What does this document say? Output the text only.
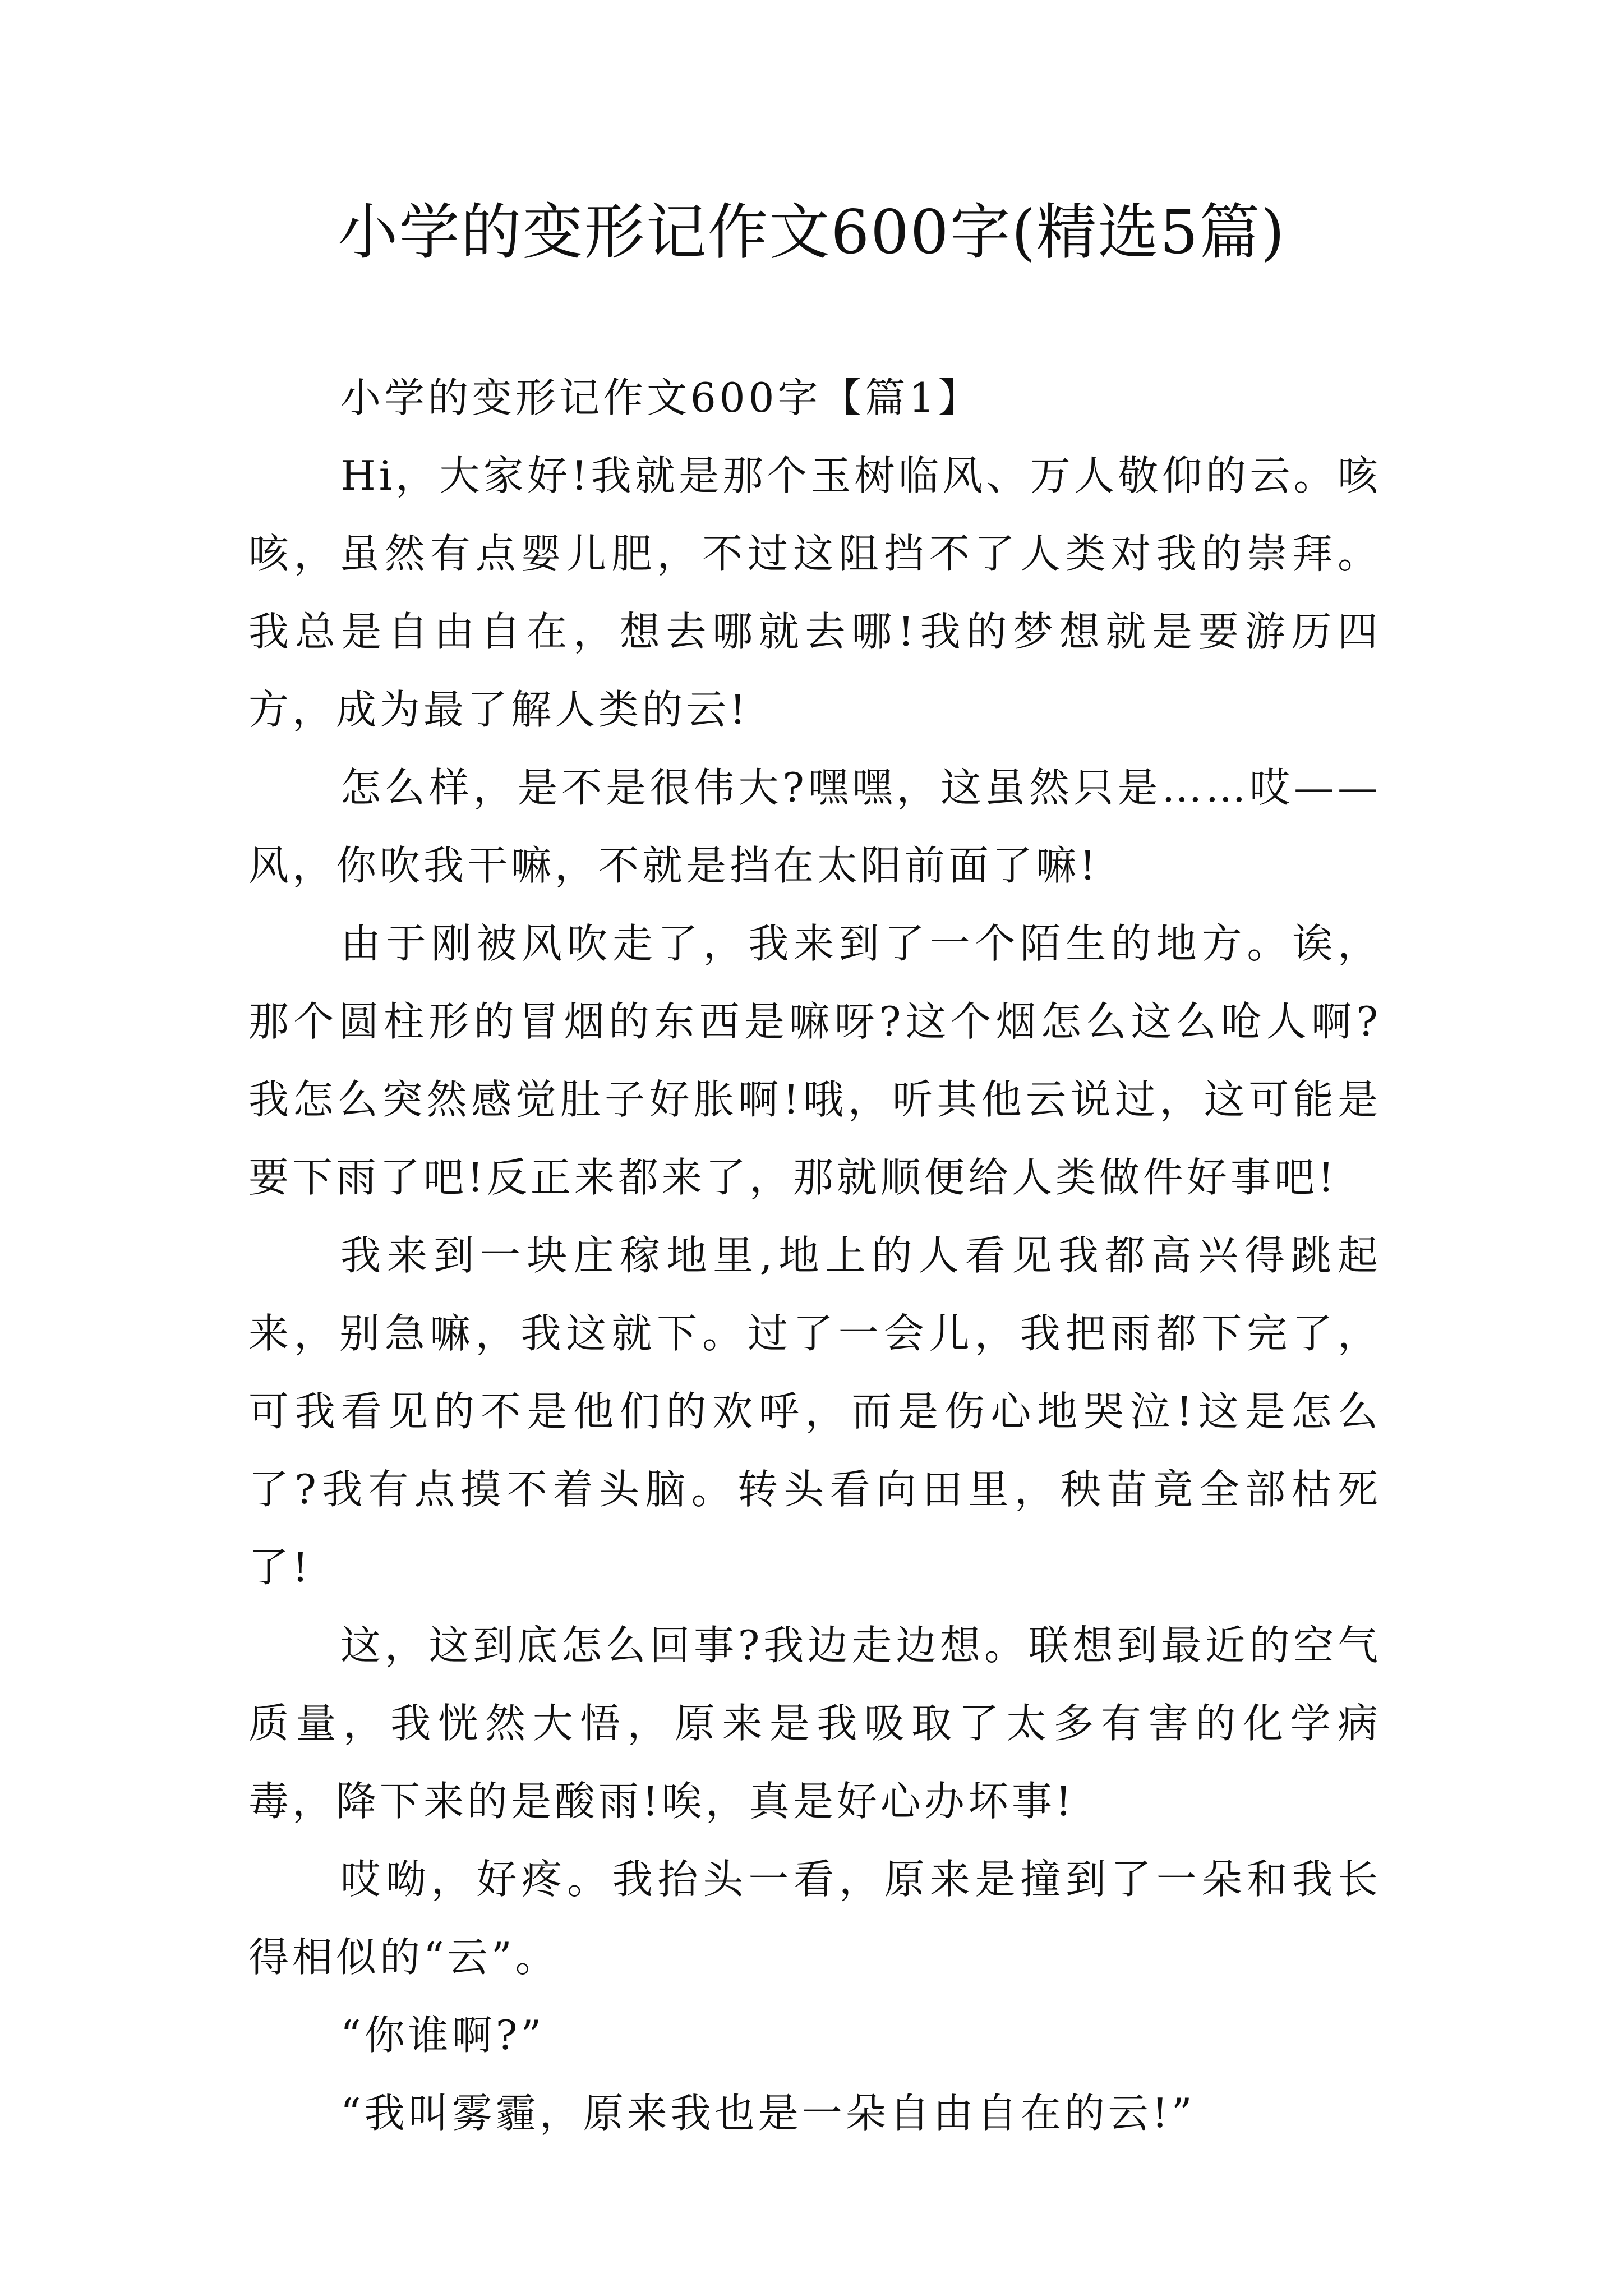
小学的变形记作文600字(精选5篇)

小学的变形记作文600字【篇1】

Hi，大家好!我就是那个玉树临风、万人敬仰的云。咳咳，虽然有点婴儿肥，不过这阻挡不了人类对我的崇拜。我总是自由自在，想去哪就去哪!我的梦想就是要游历四方，成为最了解人类的云!

怎么样，是不是很伟大?嘿嘿，这虽然只是……哎——风，你吹我干嘛，不就是挡在太阳前面了嘛!

由于刚被风吹走了，我来到了一个陌生的地方。诶，那个圆柱形的冒烟的东西是嘛呀?这个烟怎么这么呛人啊?我怎么突然感觉肚子好胀啊!哦，听其他云说过，这可能是要下雨了吧!反正来都来了，那就顺便给人类做件好事吧!

我来到一块庄稼地里,地上的人看见我都高兴得跳起来，别急嘛，我这就下。过了一会儿，我把雨都下完了，可我看见的不是他们的欢呼，而是伤心地哭泣!这是怎么了?我有点摸不着头脑。转头看向田里，秧苗竟全部枯死了!

这，这到底怎么回事?我边走边想。联想到最近的空气质量，我恍然大悟，原来是我吸取了太多有害的化学病毒，降下来的是酸雨!唉，真是好心办坏事!

哎呦，好疼。我抬头一看，原来是撞到了一朵和我长得相似的“云”。

“你谁啊?”

“我叫雾霾，原来我也是一朵自由自在的云!”
